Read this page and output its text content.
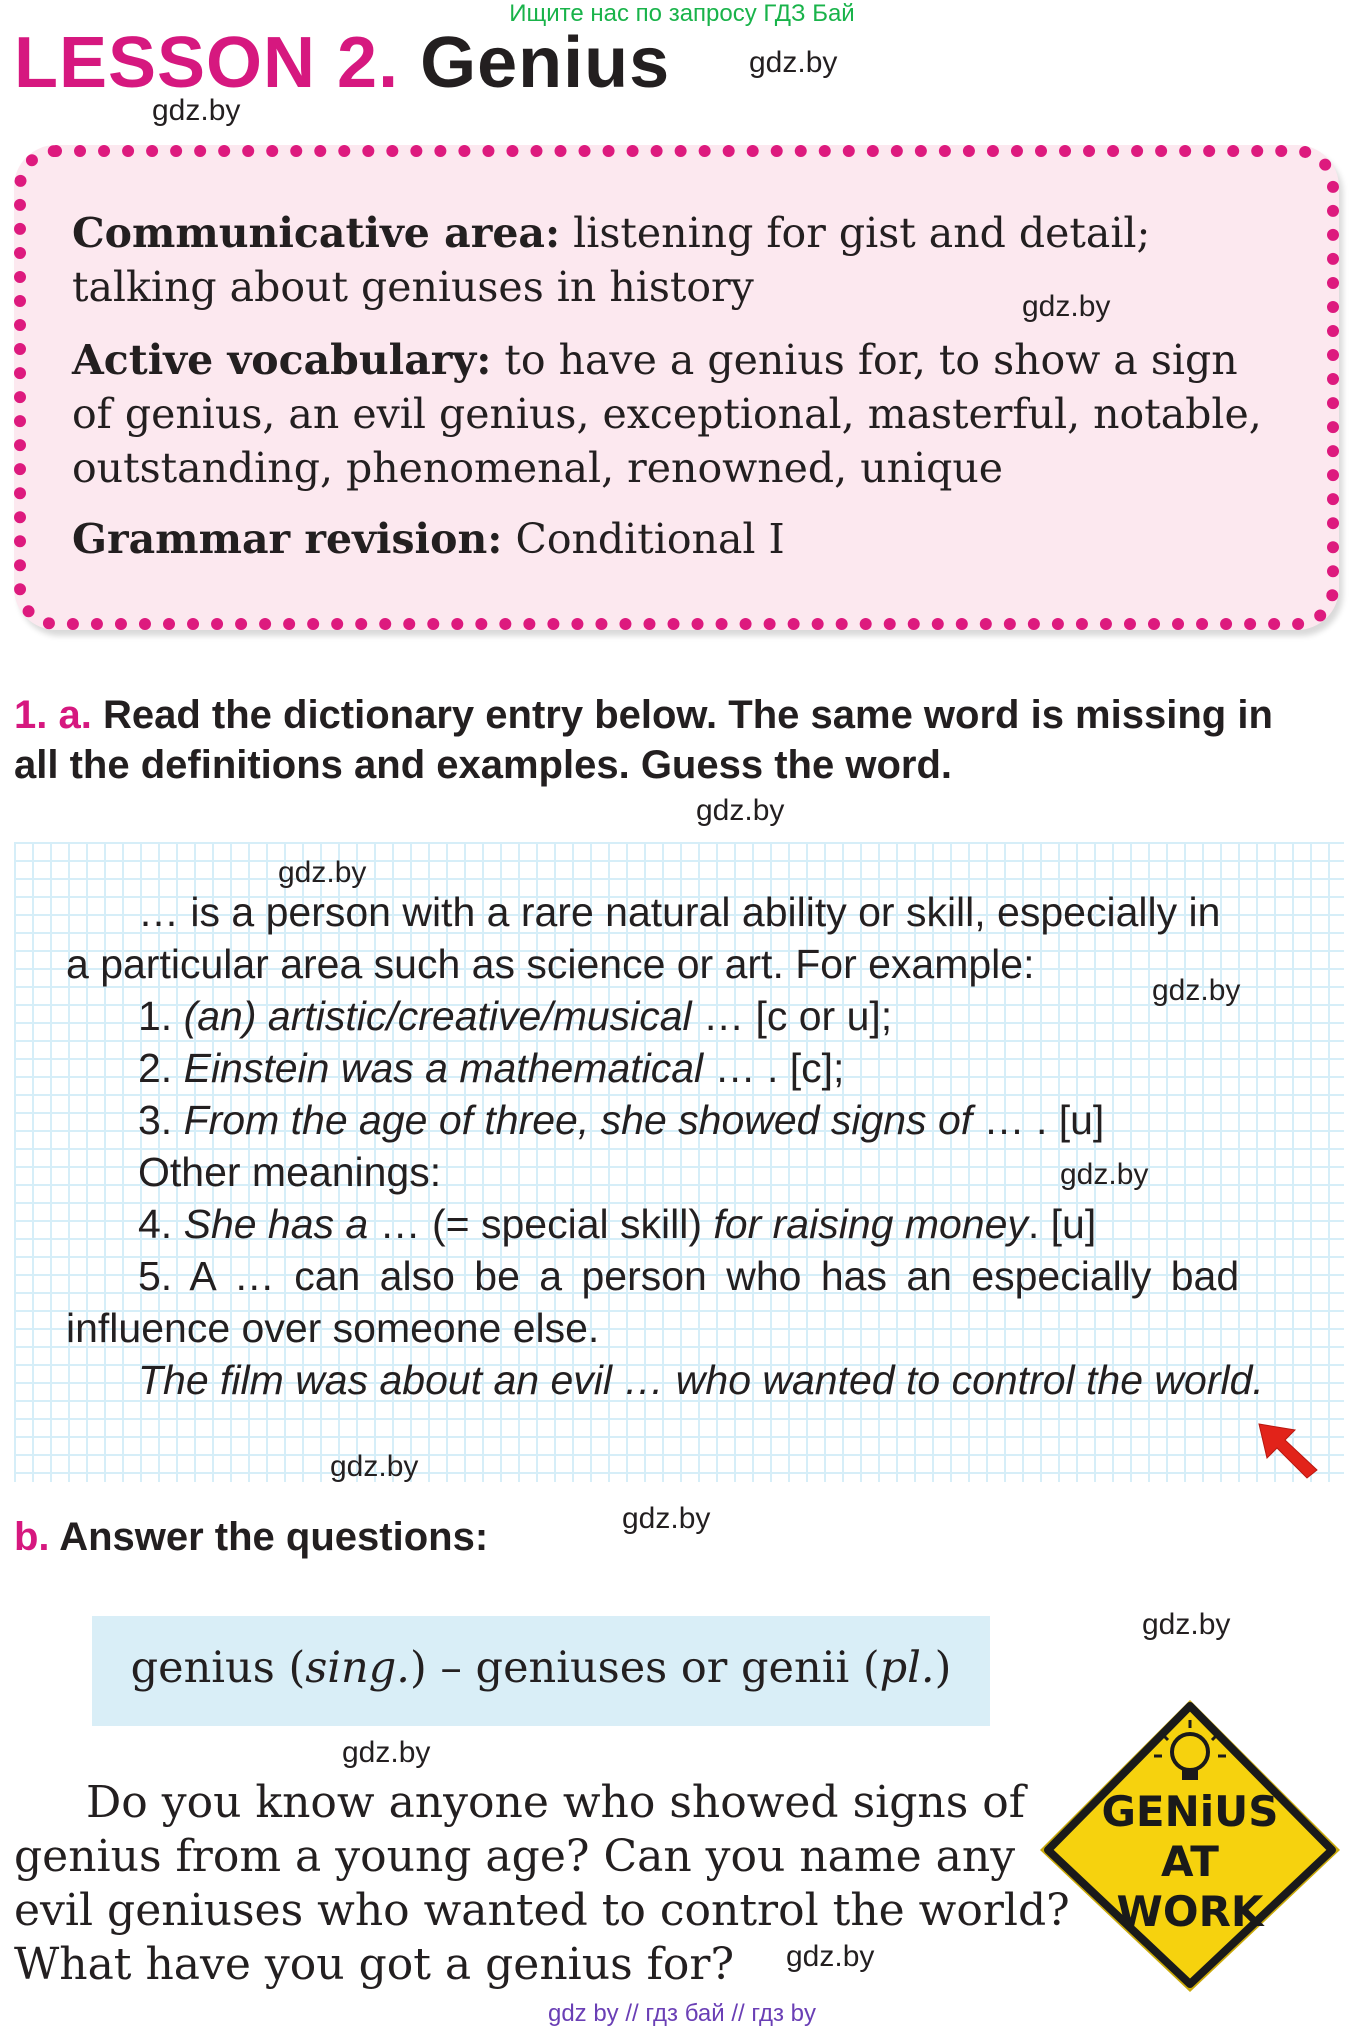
Ищите нас по запросу ГДЗ Бай
LESSON 2. Genius	gdz.by
gdz.by
Communicative area: listening for gist and detail;
talking about geniuses in history	gdz.by
Active vocabulary: to have a genius for, to show a sign
of genius, an evil genius, exceptional, masterful, notable,
outstanding, phenomenal, renowned, unique
Grammar revision: Conditional I
1. a. Read the dictionary entry below. The same word is missing in
all the definitions and examples. Guess the word.
gdz.by
gdz.by
… is a person with a rare natural ability or skill, especially in
a particular area such as science or art. For example:
gdz.by
1. (an) artistic/creative/musical … [c or u];
2. Einstein was a mathematical … . [c];
3. From the age of three, she showed signs of … . [u]
Other meanings:	gdz.by
4. She has a … (= special skill) for raising money. [u]
5. A … can also be a person who has an especially bad
influence over someone else.
The film was about an evil … who wanted to control the world.
gdz.by
gdz.by
b. Answer the questions:
gdz.by
genius (sing.) – geniuses or genii (pl.)
gdz.by
Do you know anyone who showed signs of
genius from a young age? Can you name any
evil geniuses who wanted to control the world?
What have you got a genius for? gdz.by
GENiUS
AT
WORK
gdz by // гдз бай // гдз by
